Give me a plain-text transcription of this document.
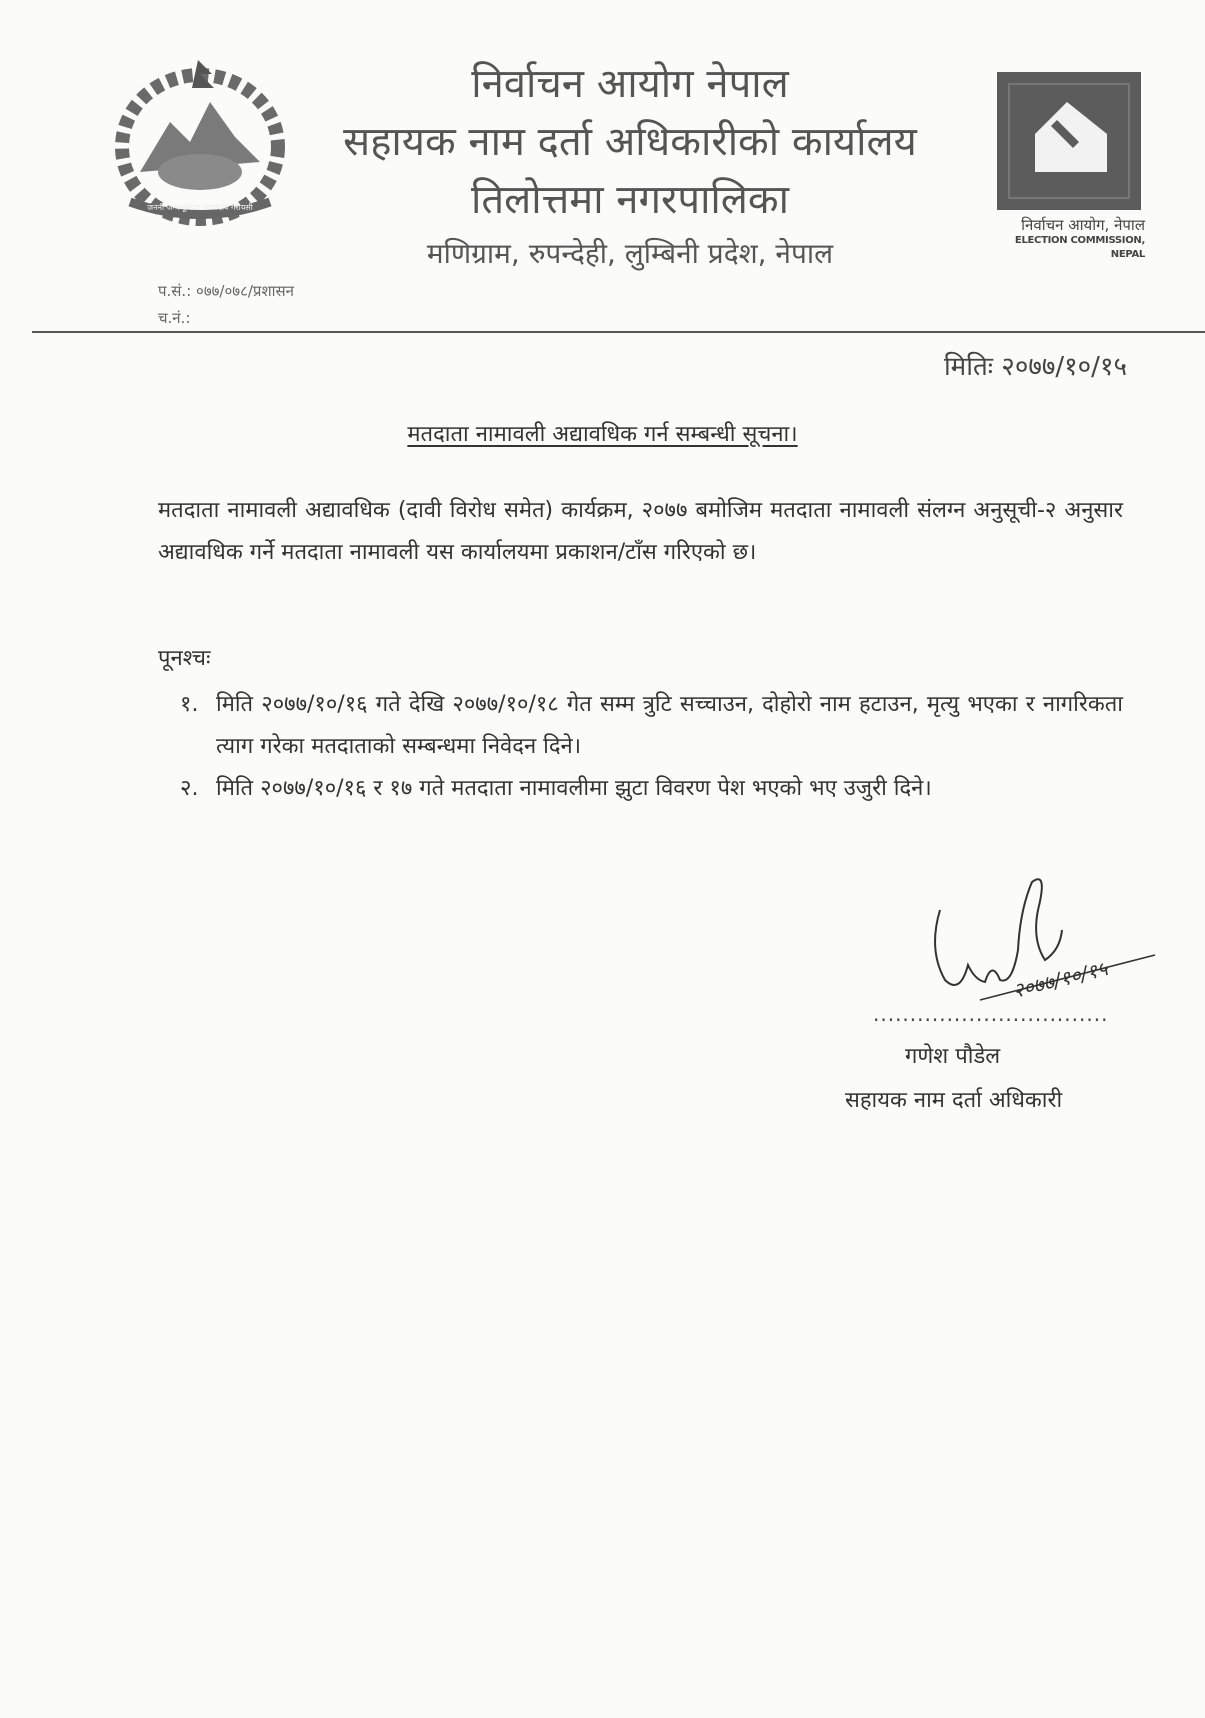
जननी जन्मभूमिश्च स्वर्गादपि गरीयसी

निर्वाचन आयोग नेपाल

सहायक नाम दर्ता अधिकारीको कार्यालय

तिलोत्तमा नगरपालिका

मणिग्राम, रुपन्देही, लुम्बिनी प्रदेश, नेपाल

निर्वाचन आयोग, नेपाल
ELECTION COMMISSION, NEPAL
प.सं.: ०७७/०७८/प्रशासन
च.नं.:
मितिः २०७७/१०/१५
मतदाता नामावली अद्यावधिक गर्न सम्बन्धी सूचना।
मतदाता नामावली अद्यावधिक (दावी विरोध समेत) कार्यक्रम, २०७७ बमोजिम मतदाता नामावली संलग्न अनुसूची-२ अनुसार अद्यावधिक गर्ने मतदाता नामावली यस कार्यालयमा प्रकाशन/टाँस गरिएको छ।
पूनश्चः
१. मिति २०७७/१०/१६ गते देखि २०७७/१०/१८ गेत सम्म त्रुटि सच्चाउन, दोहोरो नाम हटाउन, मृत्यु भएका र नागरिकता त्याग गरेका मतदाताको सम्बन्धमा निवेदन दिने।
२. मिति २०७७/१०/१६ र १७ गते मतदाता नामावलीमा झुटा विवरण पेश भएको भए उजुरी दिने।
२०७७/१०/१५
................................
गणेश पौडेल
सहायक नाम दर्ता अधिकारी
